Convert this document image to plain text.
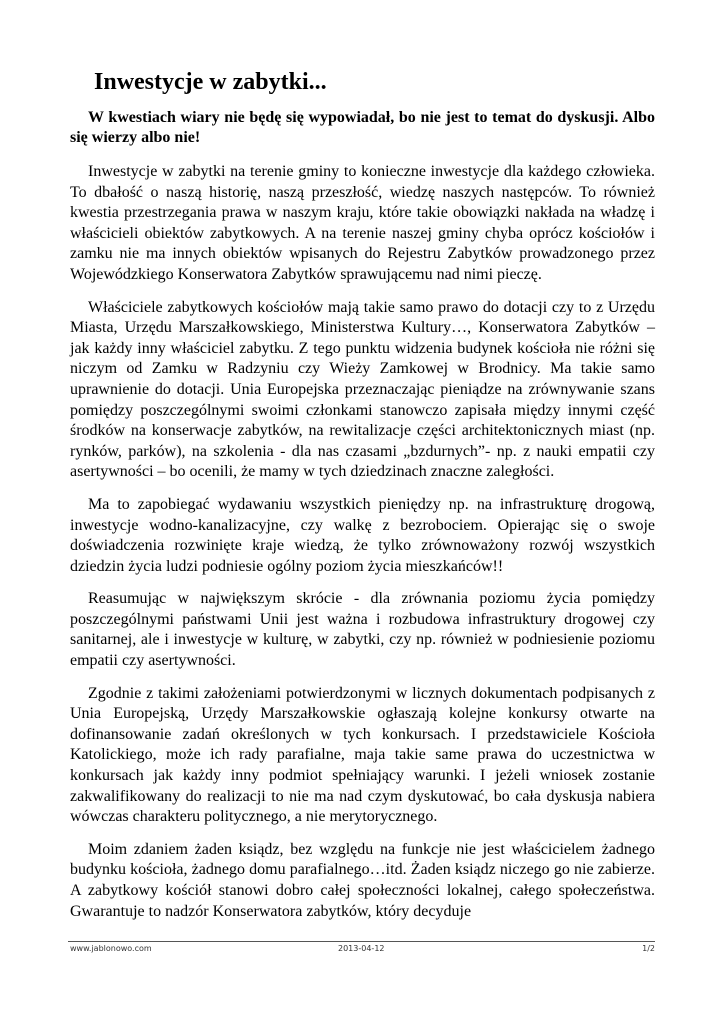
Inwestycje w zabytki...

W kwestiach wiary nie będę się wypowiadał, bo nie jest to temat do dyskusji. Albo się wierzy albo nie!

Inwestycje w zabytki na terenie gminy to konieczne inwestycje dla każdego człowieka. To dbałość o naszą historię, naszą przeszłość, wiedzę naszych następców. To również kwestia przestrzegania prawa w naszym kraju, które takie obowiązki nakłada na władzę i właścicieli obiektów zabytkowych. A na terenie naszej gminy chyba oprócz kościołów i zamku nie ma innych obiektów wpisanych do Rejestru Zabytków prowadzonego przez Wojewódzkiego Konserwatora Zabytków sprawującemu nad nimi pieczę.

Właściciele zabytkowych kościołów mają takie samo prawo do dotacji czy to z Urzędu Miasta, Urzędu Marszałkowskiego, Ministerstwa Kultury…, Konserwatora Zabytków – jak każdy inny właściciel zabytku. Z tego punktu widzenia budynek kościoła nie różni się niczym od Zamku w Radzyniu czy Wieży Zamkowej w Brodnicy. Ma takie samo uprawnienie do dotacji. Unia Europejska przeznaczając pieniądze na zrównywanie szans pomiędzy poszczególnymi swoimi członkami stanowczo zapisała między innymi część środków na konserwacje zabytków, na rewitalizacje części architektonicznych miast (np. rynków, parków), na szkolenia - dla nas czasami „bzdurnych”- np. z nauki empatii czy asertywności – bo ocenili, że mamy w tych dziedzinach znaczne zaległości.

Ma to zapobiegać wydawaniu wszystkich pieniędzy np. na infrastrukturę drogową, inwestycje wodno-kanalizacyjne, czy walkę z bezrobociem. Opierając się o swoje doświadczenia rozwinięte kraje wiedzą, że tylko zrównoważony rozwój wszystkich dziedzin życia ludzi podniesie ogólny poziom życia mieszkańców!!

Reasumując w największym skrócie - dla zrównania poziomu życia pomiędzy poszczególnymi państwami Unii jest ważna i rozbudowa infrastruktury drogowej czy sanitarnej, ale i inwestycje w kulturę, w zabytki, czy np. również w podniesienie poziomu empatii czy asertywności.

Zgodnie z takimi założeniami potwierdzonymi w licznych dokumentach podpisanych z Unia Europejską, Urzędy Marszałkowskie ogłaszają kolejne konkursy otwarte na dofinansowanie zadań określonych w tych konkursach. I przedstawiciele Kościoła Katolickiego, może ich rady parafialne, maja takie same prawa do uczestnictwa w konkursach jak każdy inny podmiot spełniający warunki. I jeżeli wniosek zostanie zakwalifikowany do realizacji to nie ma nad czym dyskutować, bo cała dyskusja nabiera wówczas charakteru politycznego, a nie merytorycznego.

Moim zdaniem żaden ksiądz, bez względu na funkcje nie jest właścicielem żadnego budynku kościoła, żadnego domu parafialnego…itd. Żaden ksiądz niczego go nie zabierze. A zabytkowy kościół stanowi dobro całej społeczności lokalnej, całego społeczeństwa. Gwarantuje to nadzór Konserwatora zabytków, który decyduje

www.jablonowo.com	2013-04-12	1/2
